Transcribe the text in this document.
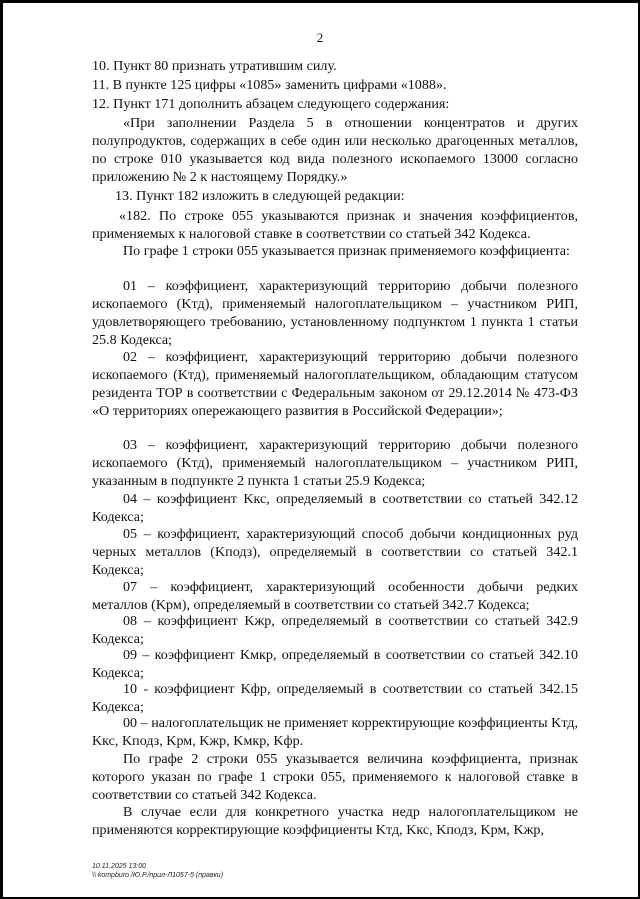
2
10. Пункт 80 признать утратившим силу.
11. В пункте 125 цифры «1085» заменить цифрами «1088».
12. Пункт 171 дополнить абзацем следующего содержания:
«При заполнении Раздела 5 в отношении концентратов и других полупродуктов, содержащих в себе один или несколько драгоценных металлов, по строке 010 указывается код вида полезного ископаемого 13000 согласно приложению № 2 к настоящему Порядку.»
13. Пункт 182 изложить в следующей редакции:
«182. По строке 055 указываются признак и значения коэффициентов, применяемых к налоговой ставке в соответствии со статьей 342 Кодекса.
По графе 1 строки 055 указывается признак применяемого коэффициента:
01 – коэффициент, характеризующий территорию добычи полезного ископаемого (Kтд), применяемый налогоплательщиком – участником РИП, удовлетворяющего требованию, установленному подпунктом 1 пункта 1 статьи 25.8 Кодекса;
02 – коэффициент, характеризующий территорию добычи полезного ископаемого (Kтд), применяемый налогоплательщиком, обладающим статусом резидента ТОР в соответствии с Федеральным законом от 29.12.2014 № 473-ФЗ «О территориях опережающего развития в Российской Федерации»;
03 – коэффициент, характеризующий территорию добычи полезного ископаемого (Kтд), применяемый налогоплательщиком – участником РИП, указанным в подпункте 2 пункта 1 статьи 25.9 Кодекса;
04 – коэффициент Kкс, определяемый в соответствии со статьей 342.12 Кодекса;
05 – коэффициент, характеризующий способ добычи кондиционных руд черных металлов (Kподз), определяемый в соответствии со статьей 342.1 Кодекса;
07 – коэффициент, характеризующий особенности добычи редких металлов (Kрм), определяемый в соответствии со статьей 342.7 Кодекса;
08 – коэффициент Kжр, определяемый в соответствии со статьей 342.9 Кодекса;
09 – коэффициент Kмкр, определяемый в соответствии со статьей 342.10 Кодекса;
10 - коэффициент Kфр, определяемый в соответствии со статьей 342.15 Кодекса;
00 – налогоплательщик не применяет корректирующие коэффициенты Kтд, Kкс, Kподз, Kрм, Kжр, Kмкр, Kфр.
По графе 2 строки 055 указывается величина коэффициента, признак которого указан по графе 1 строки 055, применяемого к налоговой ставке в соответствии со статьей 342 Кодекса.
В случае если для конкретного участка недр налогоплательщиком не применяются корректирующие коэффициенты Kтд, Kкс, Kподз, Kрм, Kжр,
10.11.2025 13:00
\\ kompburo /Ю.Р./прил-Л1057-5 (правки)
